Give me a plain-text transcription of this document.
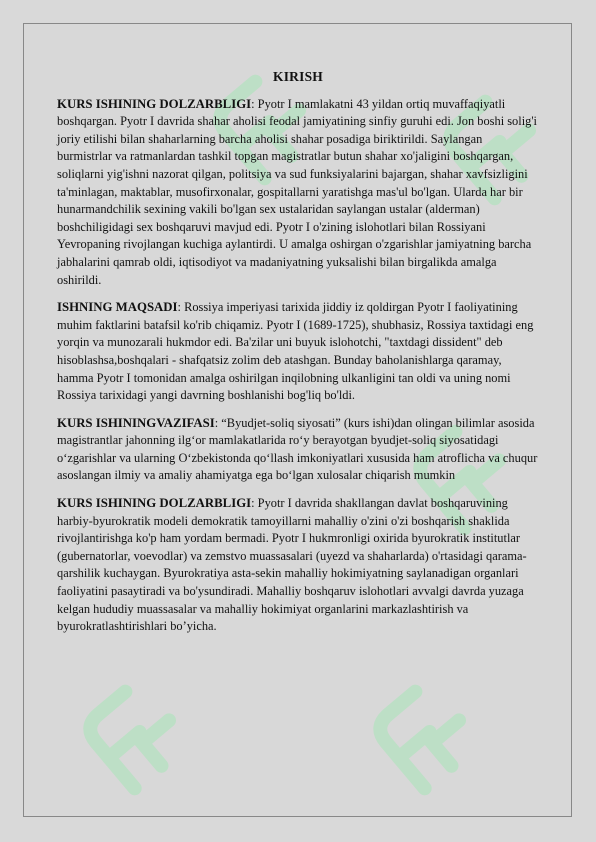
KIRISH

KURS ISHINING DOLZARBLIGI: Pyotr I mamlakatni 43 yildan ortiq muvaffaqiyatli boshqargan. Pyotr I davrida shahar aholisi feodal jamiyatining sinfiy guruhi edi. Jon boshi solig'i joriy etilishi bilan shaharlarning barcha aholisi shahar posadiga biriktirildi. Saylangan burmistrlar va ratmanlardan tashkil topgan magistratlar butun shahar xo'jaligini boshqargan, soliqlarni yig'ishni nazorat qilgan, politsiya va sud funksiyalarini bajargan, shahar xavfsizligini ta'minlagan, maktablar, musofirxonalar, gospitallarni yaratishga mas'ul bo'lgan. Ularda har bir hunarmandchilik sexining vakili bo'lgan sex ustalaridan saylangan ustalar (alderman) boshchiligidagi sex boshqaruvi mavjud edi. Pyotr I o'zining islohotlari bilan Rossiyani Yevropaning rivojlangan kuchiga aylantirdi. U amalga oshirgan o'zgarishlar jamiyatning barcha jabhalarini qamrab oldi, iqtisodiyot va madaniyatning yuksalishi bilan birgalikda amalga oshirildi.

ISHNING MAQSADI: Rossiya imperiyasi tarixida jiddiy iz qoldirgan Pyotr I faoliyatining muhim faktlarini batafsil ko'rib chiqamiz. Pyotr I (1689-1725), shubhasiz, Rossiya taxtidagi eng yorqin va munozarali hukmdor edi. Ba'zilar uni buyuk islohotchi, "taxtdagi dissident" deb hisoblashsa,boshqalari - shafqatsiz zolim deb atashgan. Bunday baholanishlarga qaramay, hamma Pyotr I tomonidan amalga oshirilgan inqilobning ulkanligini tan oldi va uning nomi Rossiya tarixidagi yangi davrning boshlanishi bog'liq bo'ldi.

KURS ISHININGVAZIFASI: “Byudjet-soliq siyosati” (kurs ishi)dan olingan bilimlar asosida magistrantlar jahonning ilg‘or mamlakatlarida ro‘y berayotgan byudjet-soliq siyosatidagi o‘zgarishlar va ularning O‘zbekistonda qo‘llash imkoniyatlari xususida ham atroflicha va chuqur asoslangan ilmiy va amaliy ahamiyatga ega bo‘lgan xulosalar chiqarish mumkin

KURS ISHINING DOLZARBLIGI: Pyotr I davrida shakllangan davlat boshqaruvining harbiy-byurokratik modeli demokratik tamoyillarni mahalliy o'zini o'zi boshqarish shaklida rivojlantirishga ko'p ham yordam bermadi. Pyotr I hukmronligi oxirida byurokratik institutlar (gubernatorlar, voevodlar) va zemstvo muassasalari (uyezd va shaharlarda) o'rtasidagi qarama-qarshilik kuchaygan. Byurokratiya asta-sekin mahalliy hokimiyatning saylanadigan organlari faoliyatini pasaytiradi va bo'ysundiradi. Mahalliy boshqaruv islohotlari avvalgi davrda yuzaga kelgan hududiy muassasalar va mahalliy hokimiyat organlarini markazlashtirish va byurokratlashtirishlari bo’yicha.
